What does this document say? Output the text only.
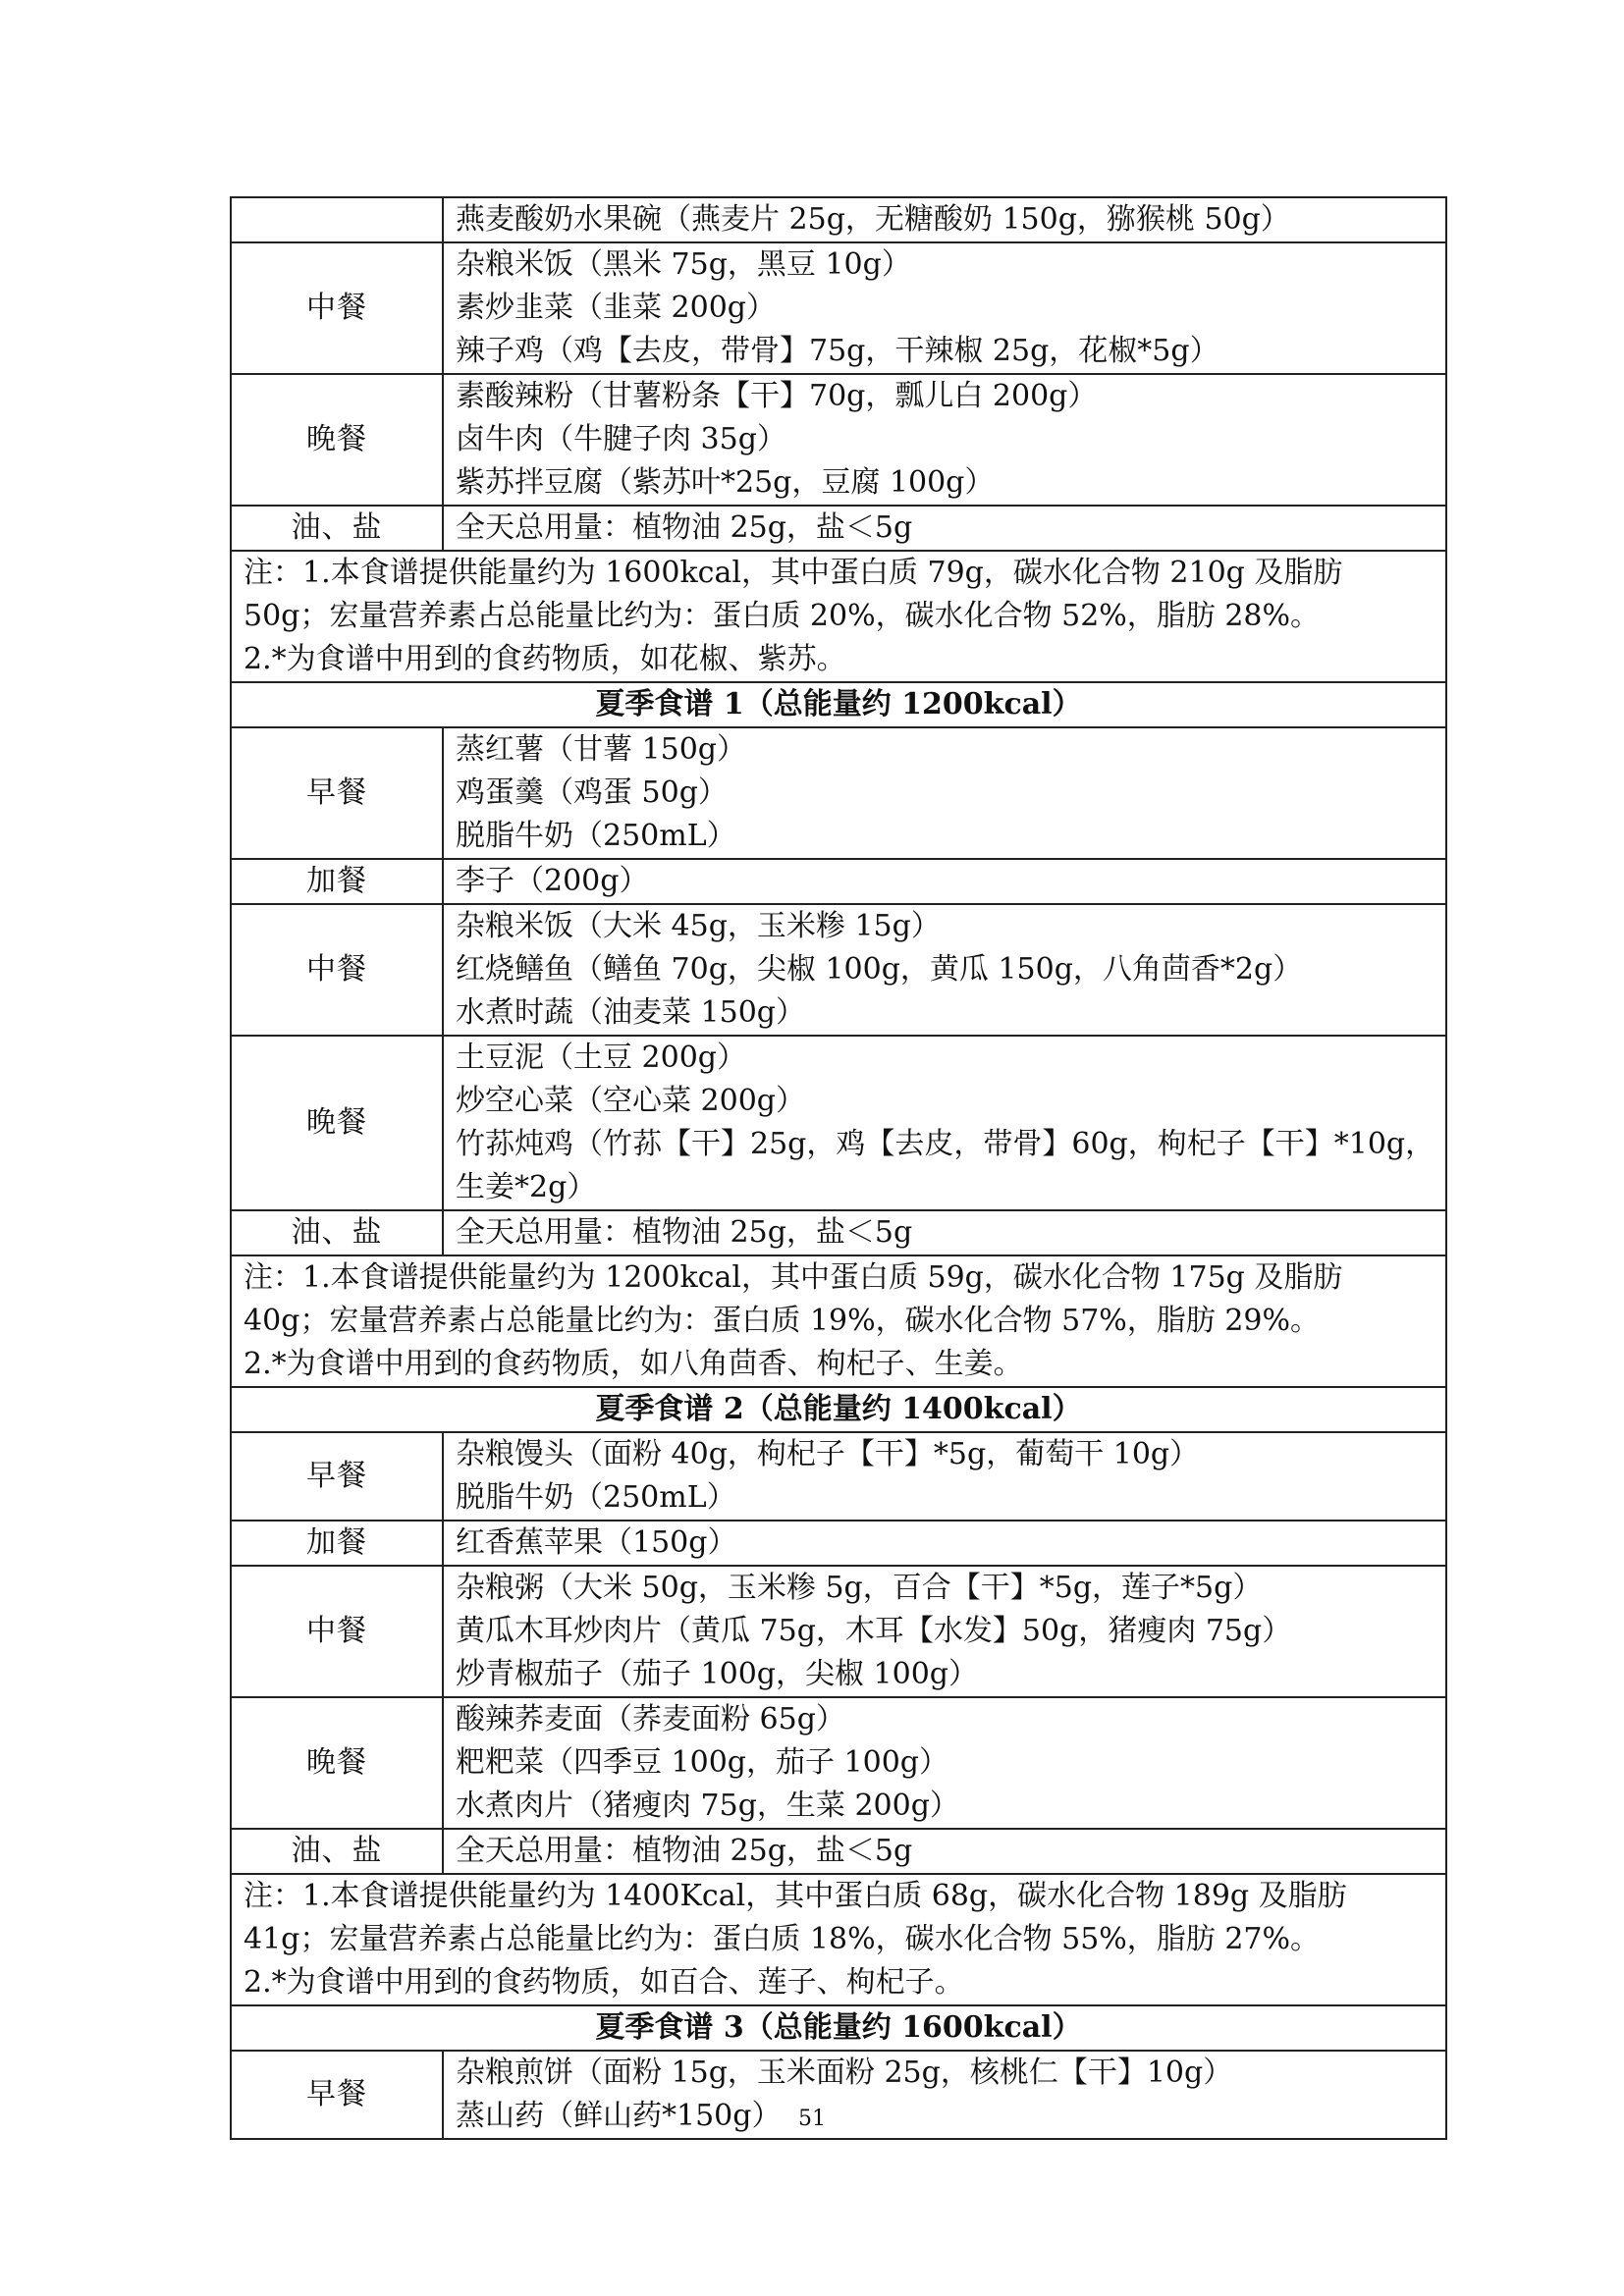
	燕麦酸奶水果碗（燕麦片 25g，无糖酸奶 150g，猕猴桃 50g）

中餐	杂粮米饭（黑米 75g，黑豆 10g）
素炒韭菜（韭菜 200g）
辣子鸡（鸡【去皮，带骨】75g，干辣椒 25g，花椒*5g）

晚餐	素酸辣粉（甘薯粉条【干】70g，瓢儿白 200g）
卤牛肉（牛腱子肉 35g）
紫苏拌豆腐（紫苏叶*25g，豆腐 100g）

油、盐	全天总用量：植物油 25g，盐＜5g

注：1.本食谱提供能量约为 1600kcal，其中蛋白质 79g，碳水化合物 210g 及脂肪
50g；宏量营养素占总能量比约为：蛋白质 20%，碳水化合物 52%，脂肪 28%。
2.*为食谱中用到的食药物质，如花椒、紫苏。	

夏季食谱 1（总能量约 1200kcal）	
早餐	蒸红薯（甘薯 150g）
鸡蛋羹（鸡蛋 50g）
脱脂牛奶（250mL）

加餐	李子（200g）

中餐	杂粮米饭（大米 45g，玉米糁 15g）
红烧鳝鱼（鳝鱼 70g，尖椒 100g，黄瓜 150g，八角茴香*2g）
水煮时蔬（油麦菜 150g）

晚餐	土豆泥（土豆 200g）
炒空心菜（空心菜 200g）
竹荪炖鸡（竹荪【干】25g，鸡【去皮，带骨】60g，枸杞子【干】*10g，
生姜*2g）

油、盐	全天总用量：植物油 25g，盐＜5g

注：1.本食谱提供能量约为 1200kcal，其中蛋白质 59g，碳水化合物 175g 及脂肪
40g；宏量营养素占总能量比约为：蛋白质 19%，碳水化合物 57%，脂肪 29%。
2.*为食谱中用到的食药物质，如八角茴香、枸杞子、生姜。	

夏季食谱 2（总能量约 1400kcal）	
早餐	杂粮馒头（面粉 40g，枸杞子【干】*5g，葡萄干 10g）
脱脂牛奶（250mL）

加餐	红香蕉苹果（150g）

中餐	杂粮粥（大米 50g，玉米糁 5g，百合【干】*5g，莲子*5g）
黄瓜木耳炒肉片（黄瓜 75g，木耳【水发】50g，猪瘦肉 75g）
炒青椒茄子（茄子 100g，尖椒 100g）

晚餐	酸辣荞麦面（荞麦面粉 65g）
粑粑菜（四季豆 100g，茄子 100g）
水煮肉片（猪瘦肉 75g，生菜 200g）

油、盐	全天总用量：植物油 25g，盐＜5g

注：1.本食谱提供能量约为 1400Kcal，其中蛋白质 68g，碳水化合物 189g 及脂肪
41g；宏量营养素占总能量比约为：蛋白质 18%，碳水化合物 55%，脂肪 27%。
2.*为食谱中用到的食药物质，如百合、莲子、枸杞子。	

夏季食谱 3（总能量约 1600kcal）	
早餐	杂粮煎饼（面粉 15g，玉米面粉 25g，核桃仁【干】10g）
蒸山药（鲜山药*150g） 51
